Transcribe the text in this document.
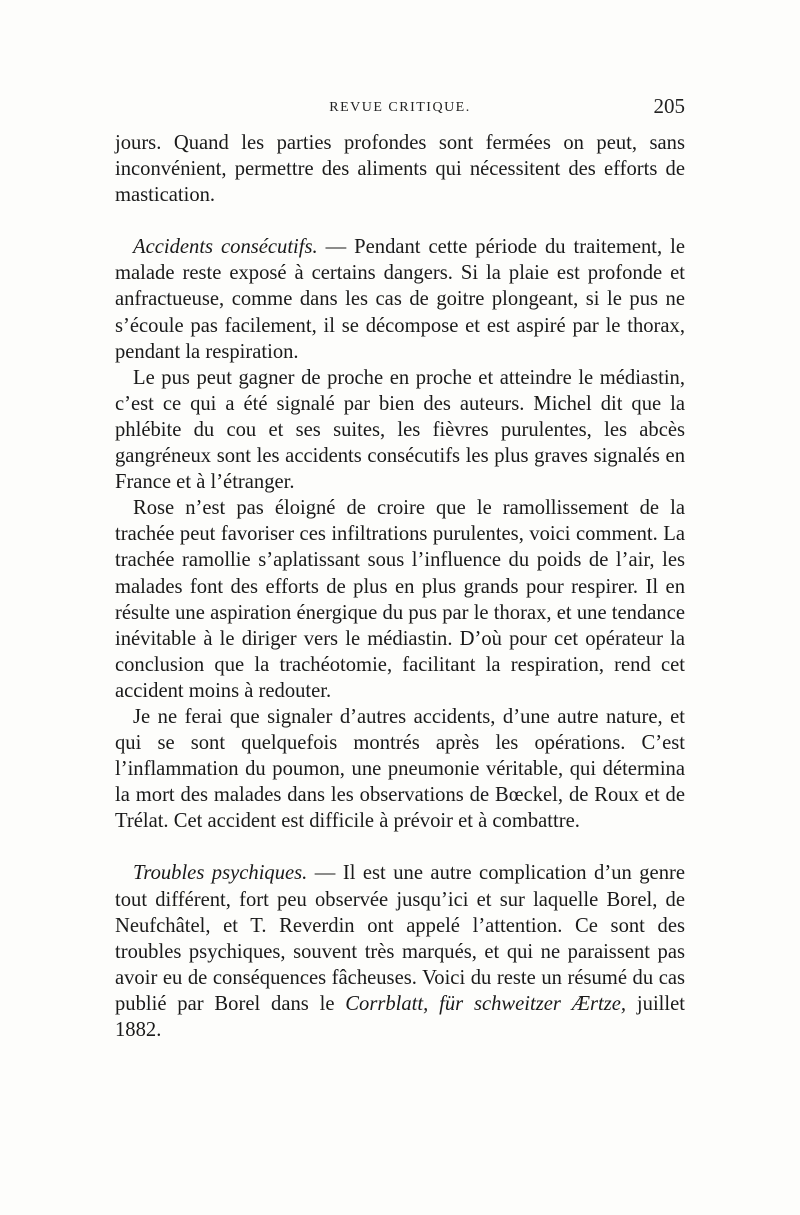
REVUE CRITIQUE.	205

jours. Quand les parties profondes sont fermées on peut, sans inconvénient, permettre des aliments qui nécessitent des efforts de mastication.

Accidents consécutifs. — Pendant cette période du traitement, le malade reste exposé à certains dangers. Si la plaie est profonde et anfractueuse, comme dans les cas de goitre plongeant, si le pus ne s’écoule pas facilement, il se décompose et est aspiré par le thorax, pendant la respiration.

Le pus peut gagner de proche en proche et atteindre le médiastin, c’est ce qui a été signalé par bien des auteurs. Michel dit que la phlébite du cou et ses suites, les fièvres purulentes, les abcès gangréneux sont les accidents consécutifs les plus graves signalés en France et à l’étranger.

Rose n’est pas éloigné de croire que le ramollissement de la trachée peut favoriser ces infiltrations purulentes, voici comment. La trachée ramollie s’aplatissant sous l’influence du poids de l’air, les malades font des efforts de plus en plus grands pour respirer. Il en résulte une aspiration énergique du pus par le thorax, et une tendance inévitable à le diriger vers le médiastin. D’où pour cet opérateur la conclusion que la trachéotomie, facilitant la respiration, rend cet accident moins à redouter.

Je ne ferai que signaler d’autres accidents, d’une autre nature, et qui se sont quelquefois montrés après les opérations. C’est l’inflammation du poumon, une pneumonie véritable, qui détermina la mort des malades dans les observations de Bœckel, de Roux et de Trélat. Cet accident est difficile à prévoir et à combattre.

Troubles psychiques. — Il est une autre complication d’un genre tout différent, fort peu observée jusqu’ici et sur laquelle Borel, de Neufchâtel, et T. Reverdin ont appelé l’attention. Ce sont des troubles psychiques, souvent très marqués, et qui ne paraissent pas avoir eu de conséquences fâcheuses. Voici du reste un résumé du cas publié par Borel dans le Corrblatt, für schweitzer Ærtze, juillet 1882.
